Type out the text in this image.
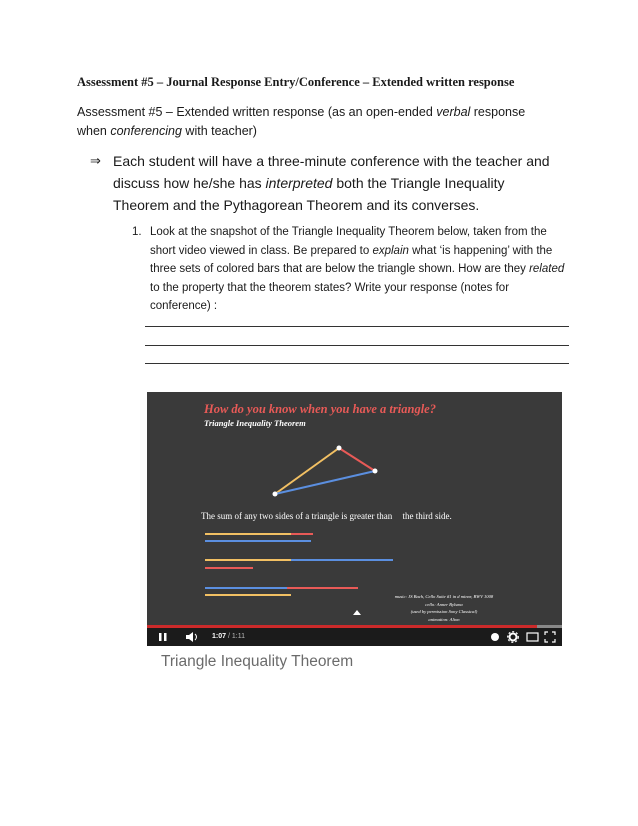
Assessment #5 – Journal Response Entry/Conference – Extended written response
Assessment #5 – Extended written response (as an open-ended verbal response when conferencing with teacher)
⇒ Each student will have a three-minute conference with the teacher and discuss how he/she has interpreted both the Triangle Inequality Theorem and the Pythagorean Theorem and its converses.
1. Look at the snapshot of the Triangle Inequality Theorem below, taken from the short video viewed in class. Be prepared to explain what ‘is happening’ with the three sets of colored bars that are below the triangle shown. How are they related to the property that the theorem states? Write your response (notes for conference) :
How do you know when you have a triangle?
Triangle Inequality Theorem
The sum of any two sides of a triangle is greater than the third side.
music: JS Bach, Cello Suite #1 in d minor, BWV 1008
cello: Anner Bylsma
(used by permission Sony Classical)
animation: Alton
1:07 / 1:11
Triangle Inequality Theorem
